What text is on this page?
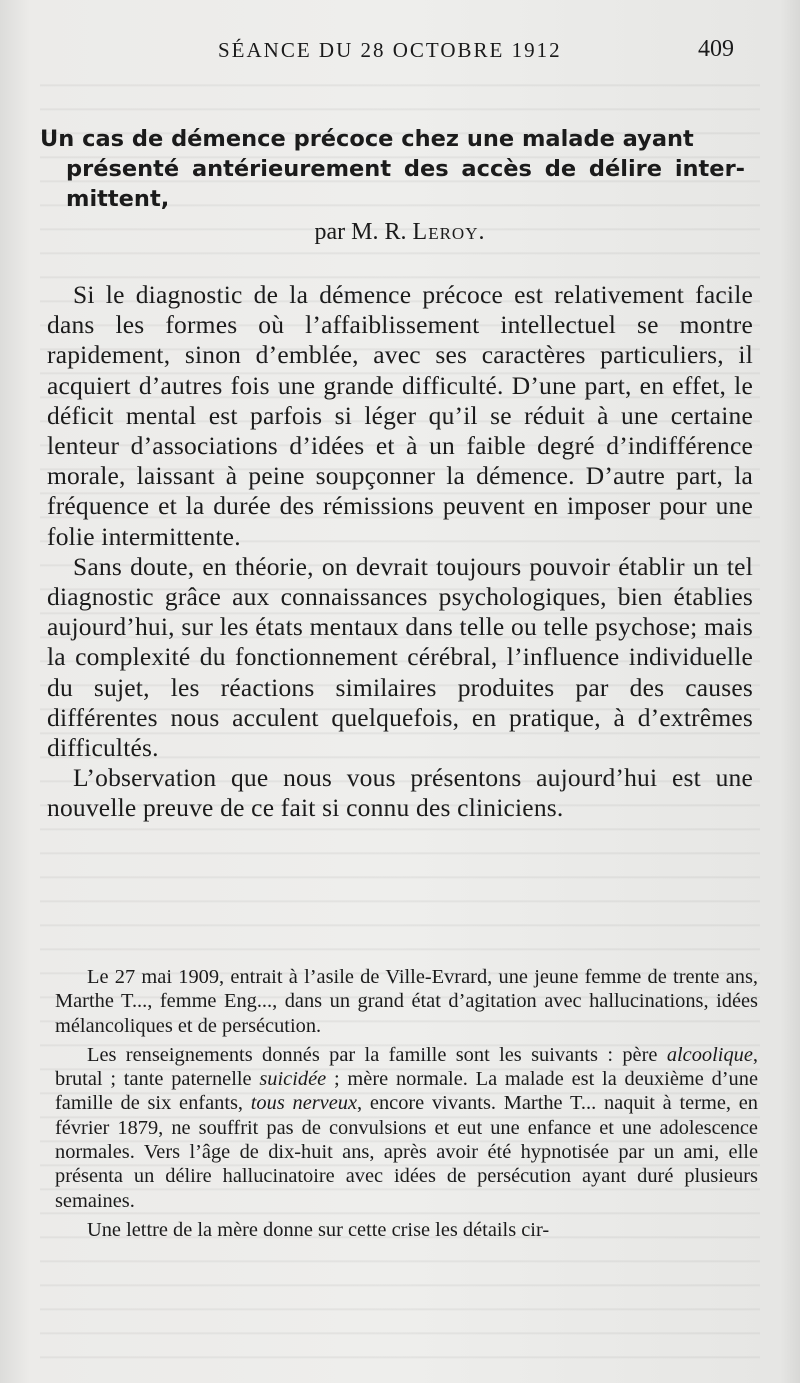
SÉANCE DU 28 OCTOBRE 1912	409
Un cas de démence précoce chez une malade ayant
présenté antérieurement des accès de délire inter-mittent,
par M. R. Leroy.

Si le diagnostic de la démence précoce est relativement facile dans les formes où l’affaiblissement intellectuel se montre rapidement, sinon d’emblée, avec ses caractères particuliers, il acquiert d’autres fois une grande difficulté. D’une part, en effet, le déficit mental est parfois si léger qu’il se réduit à une certaine lenteur d’associations d’idées et à un faible degré d’indifférence morale, laissant à peine soupçonner la démence. D’autre part, la fréquence et la durée des rémissions peuvent en imposer pour une folie intermittente.

Sans doute, en théorie, on devrait toujours pouvoir établir un tel diagnostic grâce aux connaissances psychologiques, bien établies aujourd’hui, sur les états mentaux dans telle ou telle psychose; mais la complexité du fonctionnement cérébral, l’influence individuelle du sujet, les réactions similaires produites par des causes différentes nous acculent quelquefois, en pratique, à d’extrêmes difficultés.

L’observation que nous vous présentons aujourd’hui est une nouvelle preuve de ce fait si connu des cliniciens.

Le 27 mai 1909, entrait à l’asile de Ville-Evrard, une jeune femme de trente ans, Marthe T..., femme Eng..., dans un grand état d’agitation avec hallucinations, idées mélancoliques et de persécution.

Les renseignements donnés par la famille sont les suivants : père alcoolique, brutal ; tante paternelle suicidée ; mère normale. La malade est la deuxième d’une famille de six enfants, tous nerveux, encore vivants. Marthe T... naquit à terme, en février 1879, ne souffrit pas de convulsions et eut une enfance et une adolescence normales. Vers l’âge de dix-huit ans, après avoir été hypnotisée par un ami, elle présenta un délire hallucinatoire avec idées de persécution ayant duré plusieurs semaines.

Une lettre de la mère donne sur cette crise les détails cir-
